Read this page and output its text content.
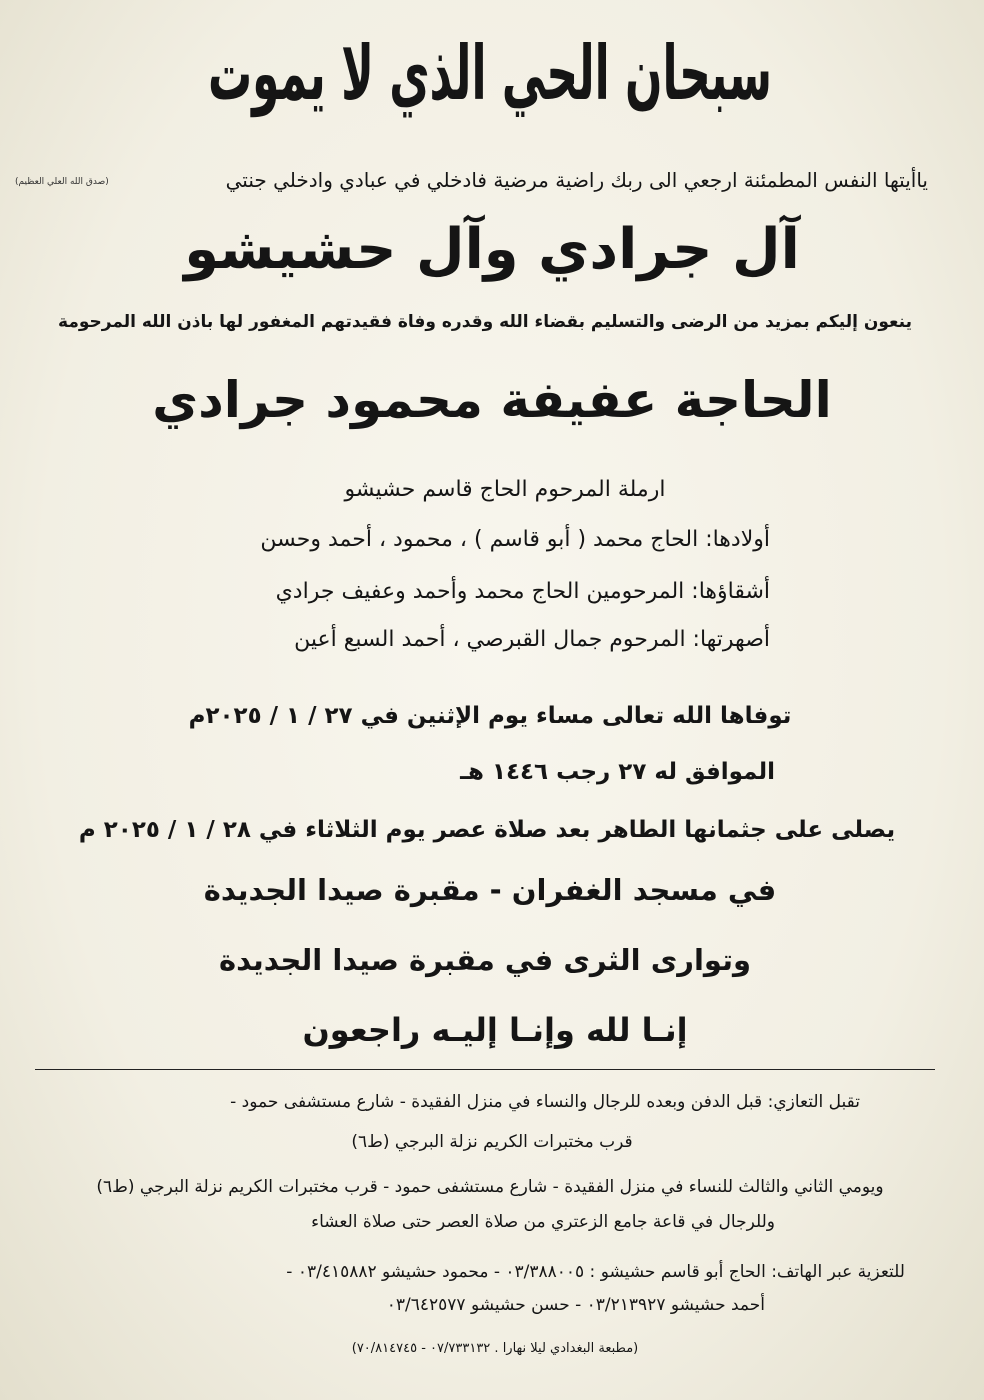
سبحان الحي الذي لا يموت
ياأيتها النفس المطمئنة ارجعي الى ربك راضية مرضية فادخلي في عبادي وادخلي جنتي
(صدق الله العلي العظيم)
آل جرادي وآل حشيشو
ينعون إليكم بمزيد من الرضى والتسليم بقضاء الله وقدره وفاة فقيدتهم المغفور لها باذن الله المرحومة
الحاجة عفيفة محمود جرادي
ارملة المرحوم الحاج قاسم حشيشو
أولادها: الحاج محمد ( أبو قاسم ) ، محمود ، أحمد وحسن
أشقاؤها: المرحومين الحاج محمد وأحمد وعفيف جرادي
أصهرتها: المرحوم جمال القبرصي ، أحمد السبع أعين
توفاها الله تعالى مساء يوم الإثنين في ٢٧ / ١ / ٢٠٢٥م
الموافق له ٢٧ رجب ١٤٤٦ هـ
يصلى على جثمانها الطاهر بعد صلاة عصر يوم الثلاثاء في ٢٨ / ١ / ٢٠٢٥ م
في مسجد الغفران - مقبرة صيدا الجديدة
وتوارى الثرى في مقبرة صيدا الجديدة
إنـا لله وإنـا إليـه راجعون
تقبل التعازي: قبل الدفن وبعده للرجال والنساء في منزل الفقيدة - شارع مستشفى حمود -
قرب مختبرات الكريم نزلة البرجي (ط٦)
ويومي الثاني والثالث للنساء في منزل الفقيدة - شارع مستشفى حمود - قرب مختبرات الكريم نزلة البرجي (ط٦)
وللرجال في قاعة جامع الزعتري من صلاة العصر حتى صلاة العشاء
للتعزية عبر الهاتف: الحاج أبو قاسم حشيشو : ٠٣/٣٨٨٠٠٥ - محمود حشيشو ٠٣/٤١٥٨٨٢ -
أحمد حشيشو ٠٣/٢١٣٩٢٧ - حسن حشيشو ٠٣/٦٤٢٥٧٧
(مطبعة البغدادي ليلا نهارا . ٠٧/٧٣٣١٣٢ - ٧٠/٨١٤٧٤٥)
